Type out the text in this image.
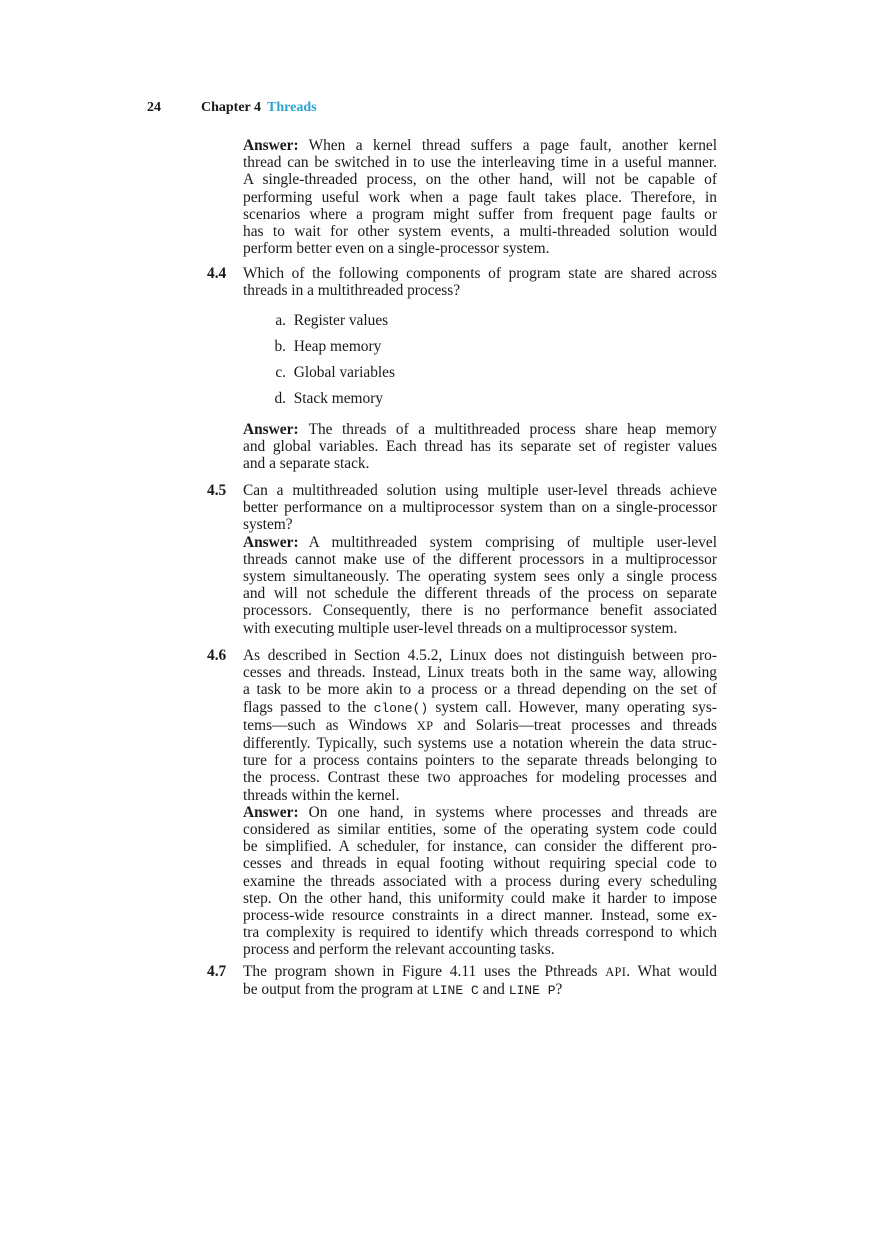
24	Chapter 4 Threads
Answer: When a kernel thread suffers a page fault, another kernel
thread can be switched in to use the interleaving time in a useful manner.
A single-threaded process, on the other hand, will not be capable of
performing useful work when a page fault takes place. Therefore, in
scenarios where a program might suffer from frequent page faults or
has to wait for other system events, a multi-threaded solution would
perform better even on a single-processor system.
4.4 Which of the following components of program state are shared across
threads in a multithreaded process?
a. Register values
b. Heap memory
c. Global variables
d. Stack memory
Answer: The threads of a multithreaded process share heap memory
and global variables. Each thread has its separate set of register values
and a separate stack.
4.5 Can a multithreaded solution using multiple user-level threads achieve
better performance on a multiprocessor system than on a single-processor
system?
Answer: A multithreaded system comprising of multiple user-level
threads cannot make use of the different processors in a multiprocessor
system simultaneously. The operating system sees only a single process
and will not schedule the different threads of the process on separate
processors. Consequently, there is no performance benefit associated
with executing multiple user-level threads on a multiprocessor system.
4.6 As described in Section 4.5.2, Linux does not distinguish between pro-
cesses and threads. Instead, Linux treats both in the same way, allowing
a task to be more akin to a process or a thread depending on the set of
flags passed to the clone() system call. However, many operating sys-
tems—such as Windows XP and Solaris—treat processes and threads
differently. Typically, such systems use a notation wherein the data struc-
ture for a process contains pointers to the separate threads belonging to
the process. Contrast these two approaches for modeling processes and
threads within the kernel.
Answer: On one hand, in systems where processes and threads are
considered as similar entities, some of the operating system code could
be simplified. A scheduler, for instance, can consider the different pro-
cesses and threads in equal footing without requiring special code to
examine the threads associated with a process during every scheduling
step. On the other hand, this uniformity could make it harder to impose
process-wide resource constraints in a direct manner. Instead, some ex-
tra complexity is required to identify which threads correspond to which
process and perform the relevant accounting tasks.
4.7 The program shown in Figure 4.11 uses the Pthreads API. What would
be output from the program at LINE C and LINE P?
